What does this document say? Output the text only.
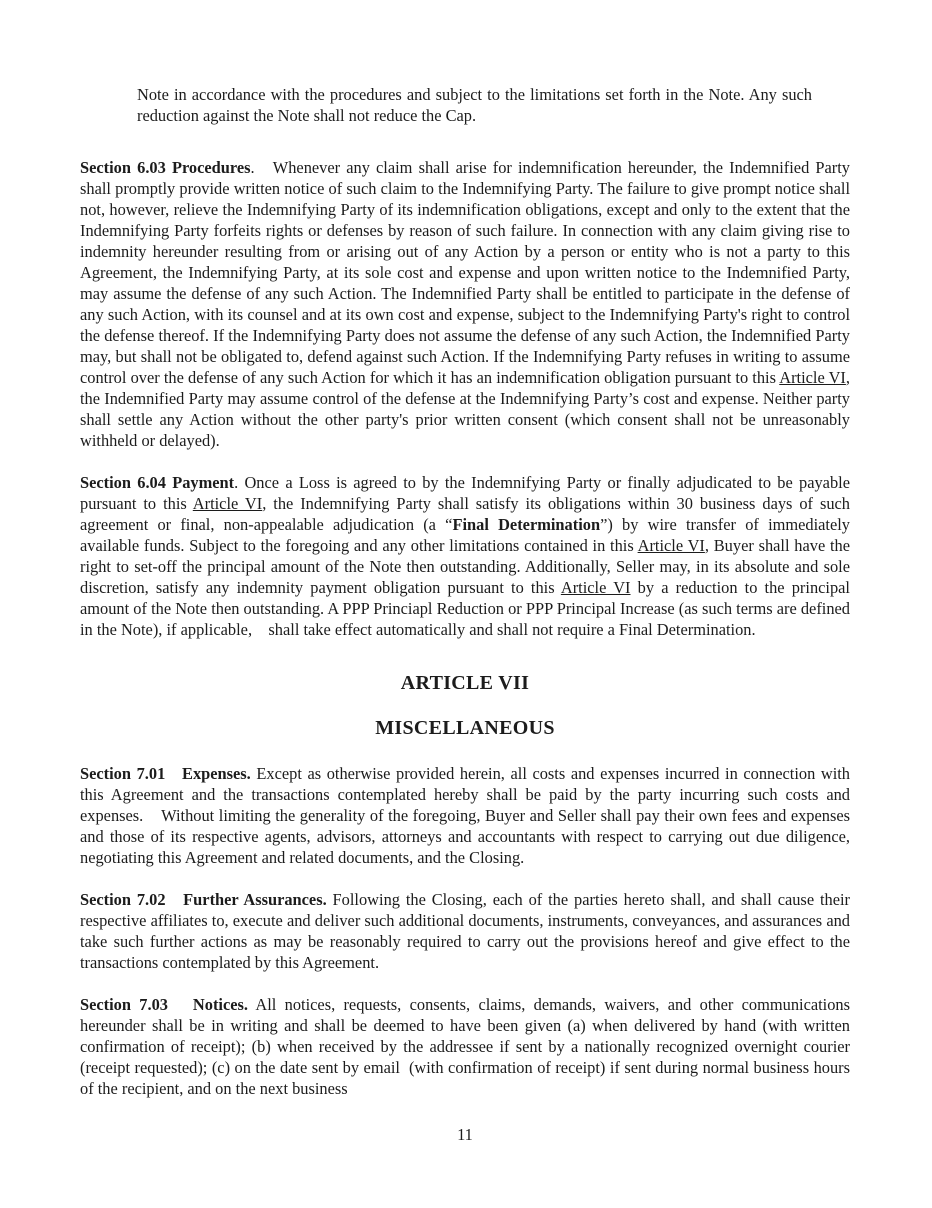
Note in accordance with the procedures and subject to the limitations set forth in the Note. Any such reduction against the Note shall not reduce the Cap.

Section 6.03 Procedures.   Whenever any claim shall arise for indemnification hereunder, the Indemnified Party shall promptly provide written notice of such claim to the Indemnifying Party. The failure to give prompt notice shall not, however, relieve the Indemnifying Party of its indemnification obligations, except and only to the extent that the Indemnifying Party forfeits rights or defenses by reason of such failure. In connection with any claim giving rise to indemnity hereunder resulting from or arising out of any Action by a person or entity who is not a party to this Agreement, the Indemnifying Party, at its sole cost and expense and upon written notice to the Indemnified Party, may assume the defense of any such Action. The Indemnified Party shall be entitled to participate in the defense of any such Action, with its counsel and at its own cost and expense, subject to the Indemnifying Party's right to control the defense thereof. If the Indemnifying Party does not assume the defense of any such Action, the Indemnified Party may, but shall not be obligated to, defend against such Action. If the Indemnifying Party refuses in writing to assume control over the defense of any such Action for which it has an indemnification obligation pursuant to this Article VI, the Indemnified Party may assume control of the defense at the Indemnifying Party’s cost and expense. Neither party shall settle any Action without the other party's prior written consent (which consent shall not be unreasonably withheld or delayed).

Section 6.04 Payment. Once a Loss is agreed to by the Indemnifying Party or finally adjudicated to be payable pursuant to this Article VI, the Indemnifying Party shall satisfy its obligations within 30 business days of such agreement or final, non-appealable adjudication (a “Final Determination”) by wire transfer of immediately available funds. Subject to the foregoing and any other limitations contained in this Article VI, Buyer shall have the right to set-off the principal amount of the Note then outstanding. Additionally, Seller may, in its absolute and sole discretion, satisfy any indemnity payment obligation pursuant to this Article VI by a reduction to the principal amount of the Note then outstanding. A PPP Princiapl Reduction or PPP Principal Increase (as such terms are defined in the Note), if applicable,    shall take effect automatically and shall not require a Final Determination.

ARTICLE VII
MISCELLANEOUS

Section 7.01   Expenses. Except as otherwise provided herein, all costs and expenses incurred in connection with this Agreement and the transactions contemplated hereby shall be paid by the party incurring such costs and expenses.    Without limiting the generality of the foregoing, Buyer and Seller shall pay their own fees and expenses and those of its respective agents, advisors, attorneys and accountants with respect to carrying out due diligence, negotiating this Agreement and related documents, and the Closing.

Section 7.02   Further Assurances. Following the Closing, each of the parties hereto shall, and shall cause their respective affiliates to, execute and deliver such additional documents, instruments, conveyances, and assurances and take such further actions as may be reasonably required to carry out the provisions hereof and give effect to the transactions contemplated by this Agreement.

Section 7.03   Notices. All notices, requests, consents, claims, demands, waivers, and other communications hereunder shall be in writing and shall be deemed to have been given (a) when delivered by hand (with written confirmation of receipt); (b) when received by the addressee if sent by a nationally recognized overnight courier (receipt requested); (c) on the date sent by email  (with confirmation of receipt) if sent during normal business hours of the recipient, and on the next business

11
